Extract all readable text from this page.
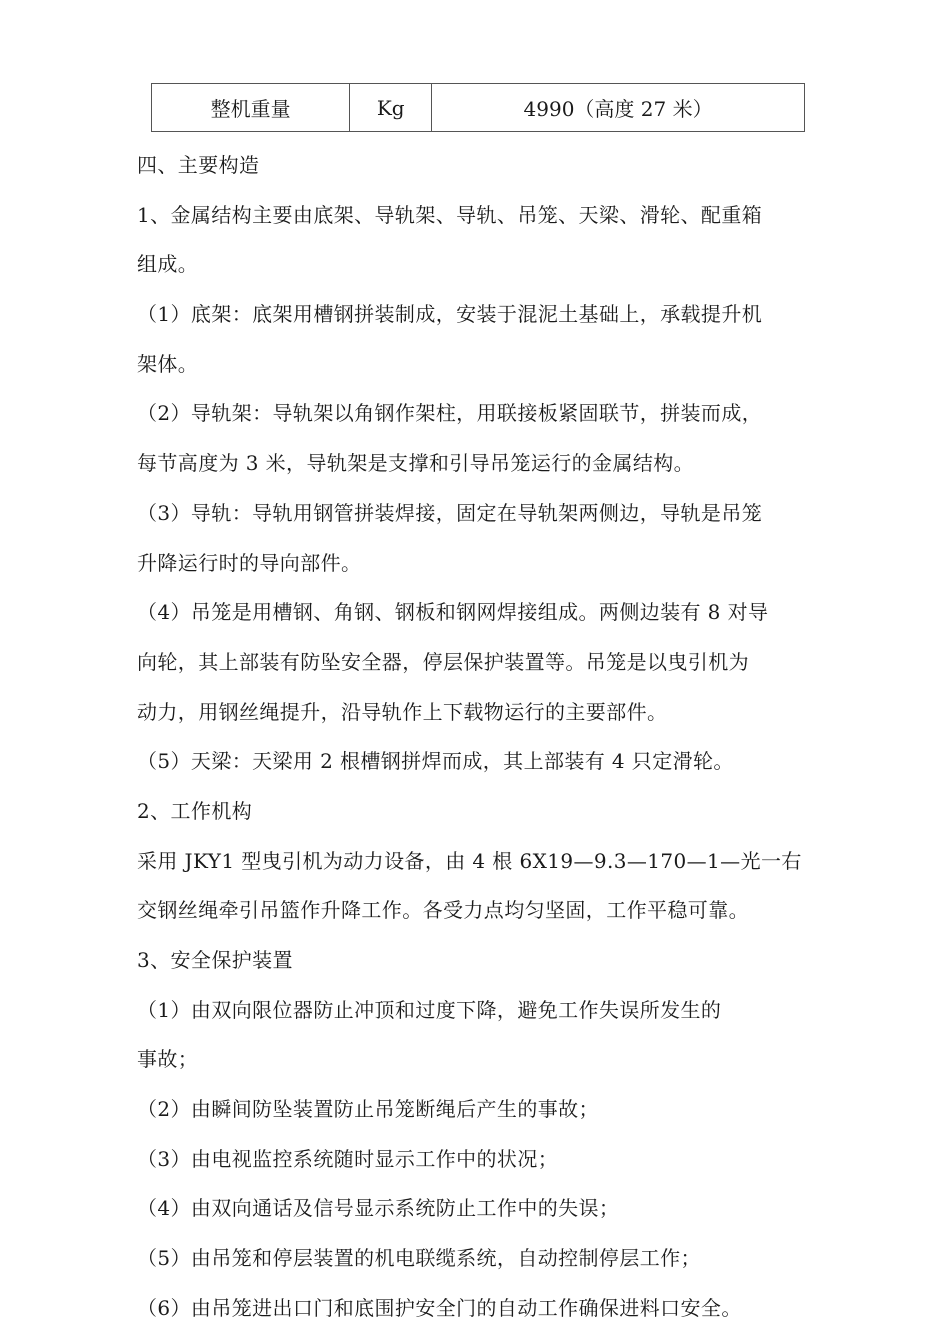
整机重量	Kg	4990（高度 27 米）
四、主要构造
1、金属结构主要由底架、导轨架、导轨、吊笼、天梁、滑轮、配重箱
组成。
（1）底架：底架用槽钢拼装制成，安装于混泥土基础上，承载提升机
架体。
（2）导轨架：导轨架以角钢作架柱，用联接板紧固联节，拼装而成，
每节高度为 3 米，导轨架是支撑和引导吊笼运行的金属结构。
（3）导轨：导轨用钢管拼装焊接，固定在导轨架两侧边，导轨是吊笼
升降运行时的导向部件。
（4）吊笼是用槽钢、角钢、钢板和钢网焊接组成。两侧边装有 8 对导
向轮，其上部装有防坠安全器，停层保护装置等。吊笼是以曳引机为
动力，用钢丝绳提升，沿导轨作上下载物运行的主要部件。
（5）天梁：天梁用 2 根槽钢拼焊而成，其上部装有 4 只定滑轮。
2、工作机构
采用 JKY1 型曳引机为动力设备，由 4 根 6X19—9.3—170—1—光一右
交钢丝绳牵引吊篮作升降工作。各受力点均匀坚固，工作平稳可靠。
3、安全保护装置
（1）由双向限位器防止冲顶和过度下降，避免工作失误所发生的
事故；
（2）由瞬间防坠装置防止吊笼断绳后产生的事故；
（3）由电视监控系统随时显示工作中的状况；
（4）由双向通话及信号显示系统防止工作中的失误；
（5）由吊笼和停层装置的机电联缆系统，自动控制停层工作；
（6）由吊笼进出口门和底围护安全门的自动工作确保进料口安全。
